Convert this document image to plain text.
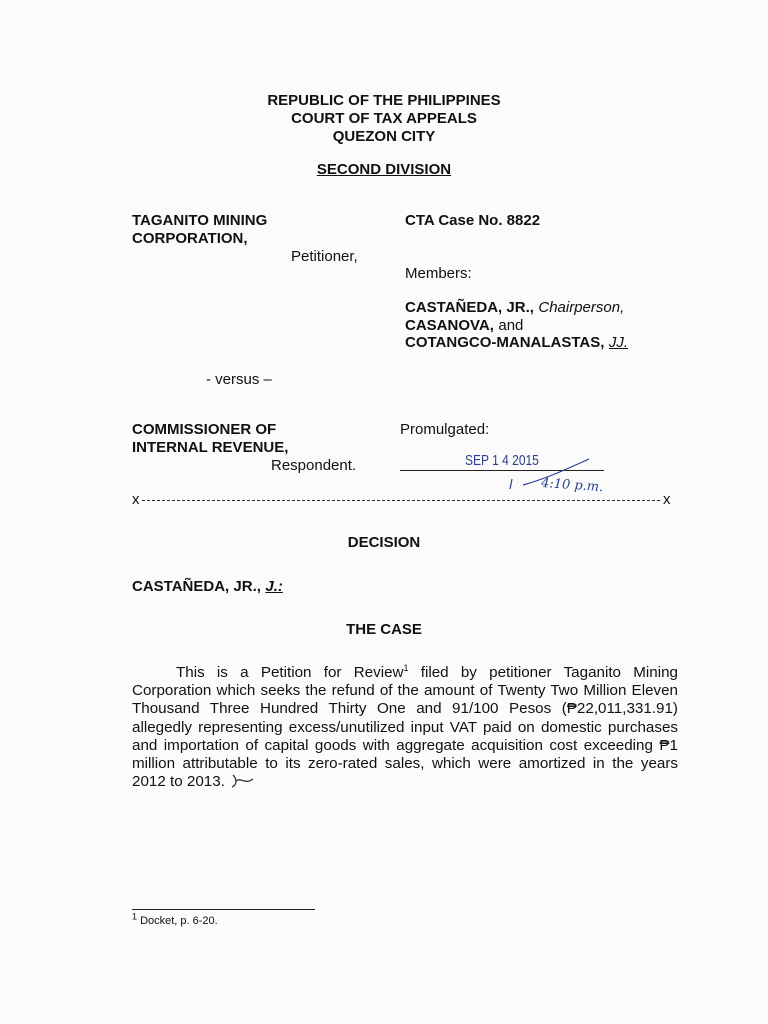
REPUBLIC OF THE PHILIPPINES
COURT OF TAX APPEALS
QUEZON CITY
SECOND DIVISION
TAGANITO MINING
CORPORATION,
Petitioner,
CTA Case No. 8822
Members:
CASTAÑEDA, JR., Chairperson,
CASANOVA, and
COTANGCO-MANALASTAS, JJ.
- versus –
COMMISSIONER OF
INTERNAL REVENUE,
Respondent.
Promulgated:
SEP 1 4 2015
4:10 p.m.
x	x
DECISION
CASTAÑEDA, JR., J.:
THE CASE
This is a Petition for Review$^1$ filed by petitioner Taganito Mining Corporation which seeks the refund of the amount of Twenty Two Million Eleven Thousand Three Hundred Thirty One and 91/100 Pesos (₱22,011,331.91) allegedly representing excess/unutilized input VAT paid on domestic purchases and importation of capital goods with aggregate acquisition cost exceeding ₱1 million attributable to its zero-rated sales, which were amortized in the years 2012 to 2013.
$^1$ Docket, p. 6-20.
